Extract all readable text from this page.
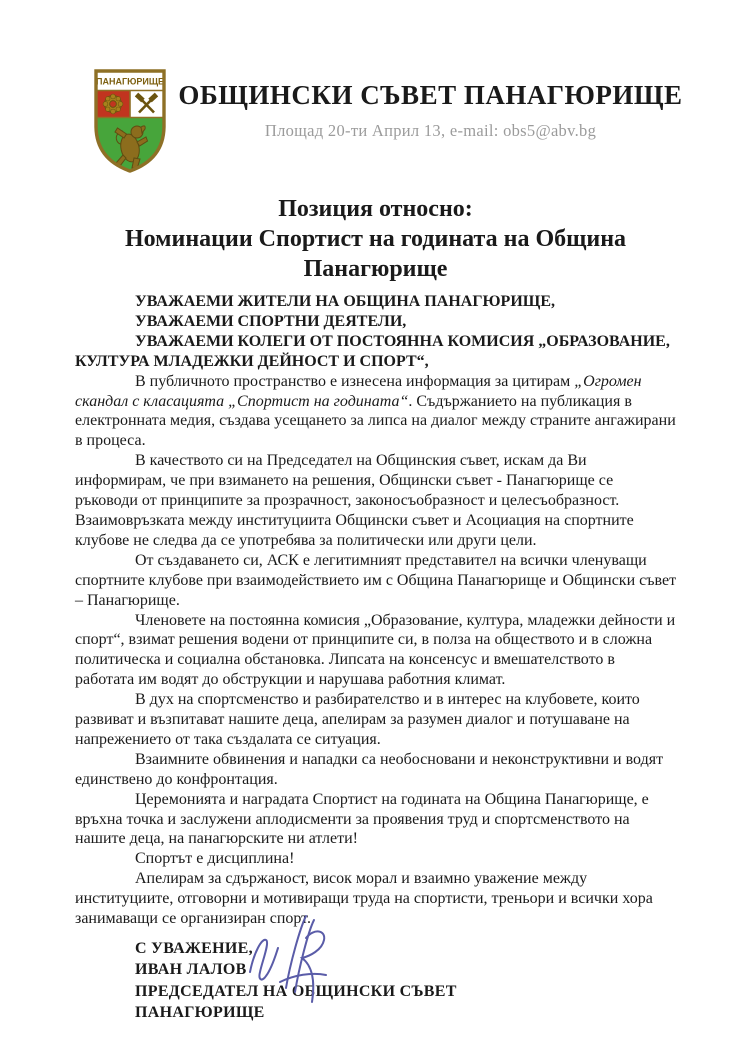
ПАНАГЮРИЩЕ ОБЩИНСКИ СЪВЕТ ПАНАГЮРИЩЕ
Площад 20-ти Април 13, e-mail: obs5@abv.bg
Позиция относно:
Номинации Спортист на годината на Община Панагюрище

УВАЖАЕМИ ЖИТЕЛИ НА ОБЩИНА ПАНАГЮРИЩЕ,

УВАЖАЕМИ СПОРТНИ ДЕЯТЕЛИ,

УВАЖАЕМИ КОЛЕГИ ОТ ПОСТОЯННА КОМИСИЯ „ОБРАЗОВАНИЕ, КУЛТУРА МЛАДЕЖКИ ДЕЙНОСТ И СПОРТ“,

В публичното пространство е изнесена информация за цитирам „Огромен скандал с класацията „Спортист на годината“. Съдържанието на публикация в електронната медия, създава усещането за липса на диалог между страните ангажирани в процеса.

В качеството си на Председател на Общинския съвет, искам да Ви информирам, че при взимането на решения, Общински съвет - Панагюрище се ръководи от принципите за прозрачност, законосъобразност и целесъобразност. Взаимовръзката между институциита Общински съвет и Асоциация на спортните клубове не следва да се употребява за политически или други цели.

От създаването си, АСК е легитимният представител на всички членуващи спортните клубове при взаимодействието им с Община Панагюрище и Общински съвет – Панагюрище.

Членовете на постоянна комисия „Образование, култура, младежки дейности и спорт“, взимат решения водени от принципите си, в полза на обществото и в сложна политическа и социална обстановка. Липсата на консенсус и вмешателството в работата им водят до обструкции и нарушава работния климат.

В дух на спортсменство и разбирателство и в интерес на клубовете, които развиват и възпитават нашите деца, апелирам за разумен диалог и потушаване на напрежението от така създалата се ситуация.

Взаимните обвинения и нападки са необосновани и неконструктивни и водят единствено до конфронтация.

Церемонията и наградата Спортист на годината на Община Панагюрище, е връхна точка и заслужени аплодисменти за проявения труд и спортсменството на нашите деца, на панагюрските ни атлети!

Спортът е дисциплина!

Апелирам за сдържаност, висок морал и взаимно уважение между институциите, отговорни и мотивиращи труда на спортисти, треньори и всички хора занимаващи се организиран спорт.

С УВАЖЕНИЕ,
ИВАН ЛАЛОВ
ПРЕДСЕДАТЕЛ НА ОБЩИНСКИ СЪВЕТ
ПАНАГЮРИЩЕ
